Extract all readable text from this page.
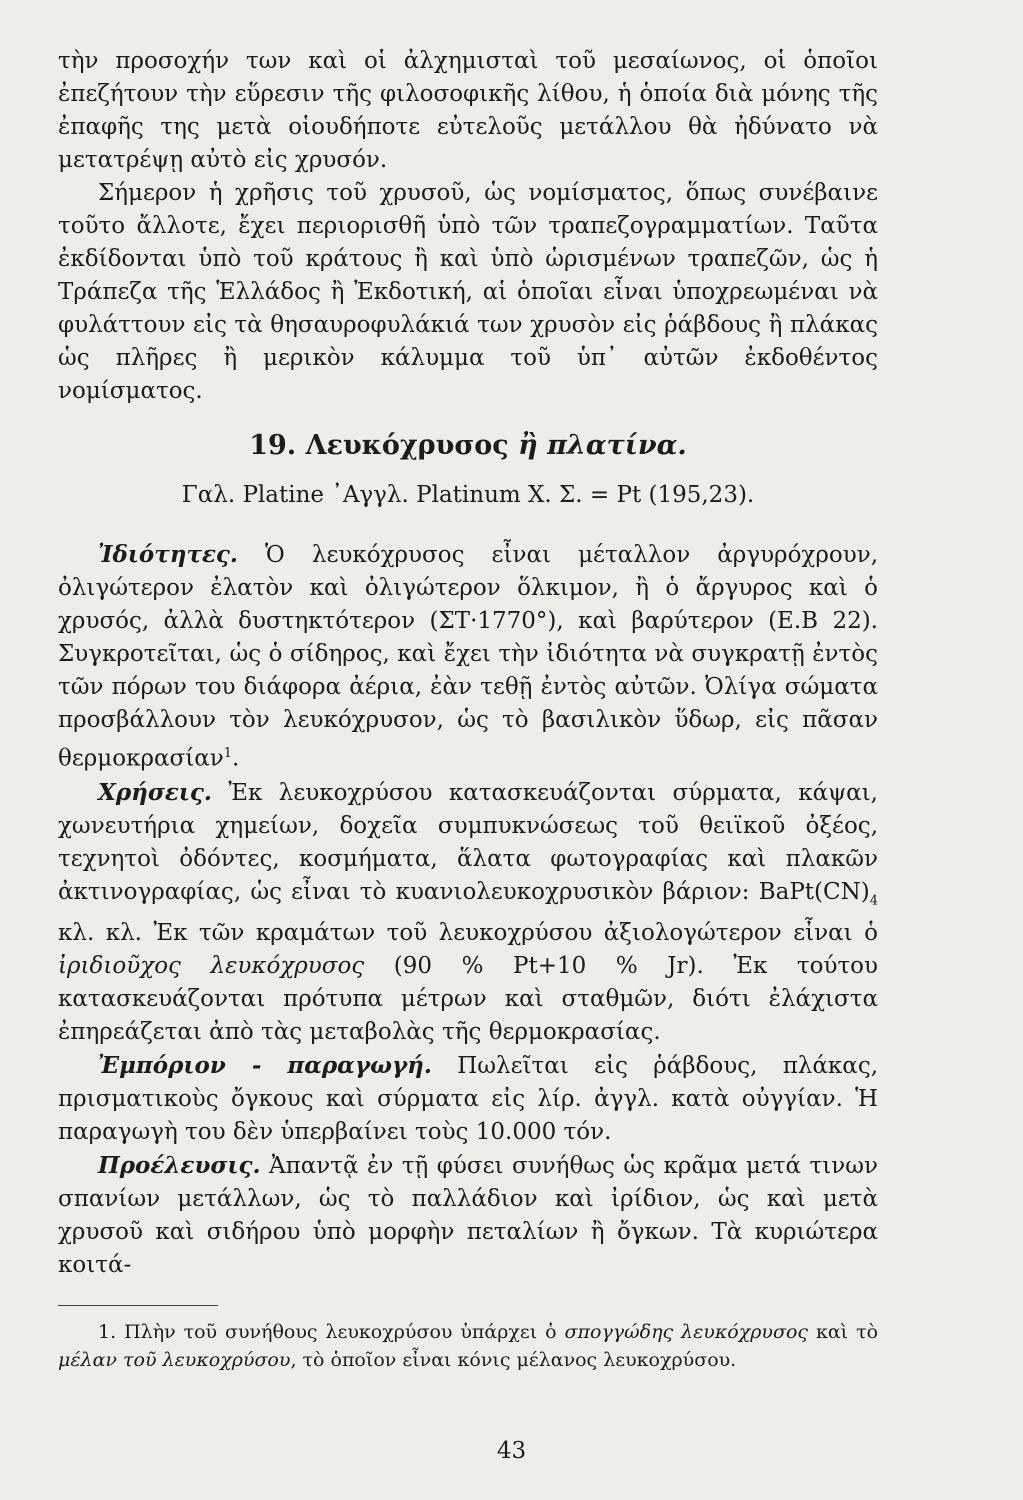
τὴν προσοχήν των καὶ οἱ ἀλχημισταὶ τοῦ μεσαίωνος, οἱ ὁποῖοι ἐπεζήτουν τὴν εὕρεσιν τῆς φιλοσοφικῆς λίθου, ἡ ὁποία διὰ μόνης τῆς ἐπαφῆς της μετὰ οἱουδήποτε εὐτελοῦς μετάλλου θὰ ἠδύνατο νὰ μετατρέψῃ αὐτὸ εἰς χρυσόν.

Σήμερον ἡ χρῆσις τοῦ χρυσοῦ, ὡς νομίσματος, ὅπως συνέβαινε τοῦτο ἄλλοτε, ἔχει περιορισθῆ ὑπὸ τῶν τραπεζογραμματίων. Ταῦτα ἐκδίδονται ὑπὸ τοῦ κράτους ἢ καὶ ὑπὸ ὡρισμένων τραπεζῶν, ὡς ἡ Τράπεζα τῆς Ἑλλάδος ἢ Ἐκδοτική, αἱ ὁποῖαι εἶναι ὑποχρεωμέναι νὰ φυλάττουν εἰς τὰ θησαυροφυλάκιά των χρυσὸν εἰς ῥάβδους ἢ πλάκας ὡς πλῆρες ἢ μερικὸν κάλυμμα τοῦ ὑπ᾽ αὐτῶν ἐκδοθέντος νομίσματος.

19. Λευκόχρυσος ἢ πλατίνα.
Γαλ. Platine ᾽Αγγλ. Platinum Χ. Σ. = Pt (195,23).

Ἰδιότητες. Ὁ λευκόχρυσος εἶναι μέταλλον ἀργυρόχρουν, ὀλιγώτερον ἐλατὸν καὶ ὀλιγώτερον ὅλκιμον, ἢ ὁ ἄργυρος καὶ ὁ χρυσός, ἀλλὰ δυστηκτότερον (ΣΤ·1770°), καὶ βαρύτερον (Ε.Β 22). Συγκροτεῖται, ὡς ὁ σίδηρος, καὶ ἔχει τὴν ἰδιότητα νὰ συγκρατῇ ἐντὸς τῶν πόρων του διάφορα ἀέρια, ἐὰν τεθῇ ἐντὸς αὐτῶν. Ὀλίγα σώματα προσβάλλουν τὸν λευκόχρυσον, ὡς τὸ βασιλικὸν ὕδωρ, εἰς πᾶσαν θερμοκρασίαν$^1$.

Χρήσεις. Ἐκ λευκοχρύσου κατασκευάζονται σύρματα, κάψαι, χωνευτήρια χημείων, δοχεῖα συμπυκνώσεως τοῦ θειϊκοῦ ὀξέος, τεχνητοὶ ὀδόντες, κοσμήματα, ἅλατα φωτογραφίας καὶ πλακῶν ἀκτινογραφίας, ὡς εἶναι τὸ κυανιολευκοχρυσικὸν βάριον: $BaPt(CN)_4$ κλ. κλ. Ἐκ τῶν κραμάτων τοῦ λευκοχρύσου ἀξιολογώτερον εἶναι ὁ ἰριδιοῦχος λευκόχρυσος (90 % Pt+10 % Jr). Ἐκ τούτου κατασκευάζονται πρότυπα μέτρων καὶ σταθμῶν, διότι ἐλάχιστα ἐπηρεάζεται ἀπὸ τὰς μεταβολὰς τῆς θερμοκρασίας.

Ἐμπόριον - παραγωγή. Πωλεῖται εἰς ῥάβδους, πλάκας, πρισματικοὺς ὄγκους καὶ σύρματα εἰς λίρ. ἀγγλ. κατὰ οὐγγίαν. Ἡ παραγωγὴ του δὲν ὑπερβαίνει τοὺς 10.000 τόν.

Προέλευσις. Ἀπαντᾷ ἐν τῇ φύσει συνήθως ὡς κρᾶμα μετά τινων σπανίων μετάλλων, ὡς τὸ παλλάδιον καὶ ἰρίδιον, ὡς καὶ μετὰ χρυσοῦ καὶ σιδήρου ὑπὸ μορφὴν πεταλίων ἢ ὄγκων. Τὰ κυριώτερα κοιτά-

1. Πλὴν τοῦ συνήθους λευκοχρύσου ὑπάρχει ὁ σπογγώδης λευκόχρυσος καὶ τὸ μέλαν τοῦ λευκοχρύσου, τὸ ὁποῖον εἶναι κόνις μέλανος λευκοχρύσου.

43
